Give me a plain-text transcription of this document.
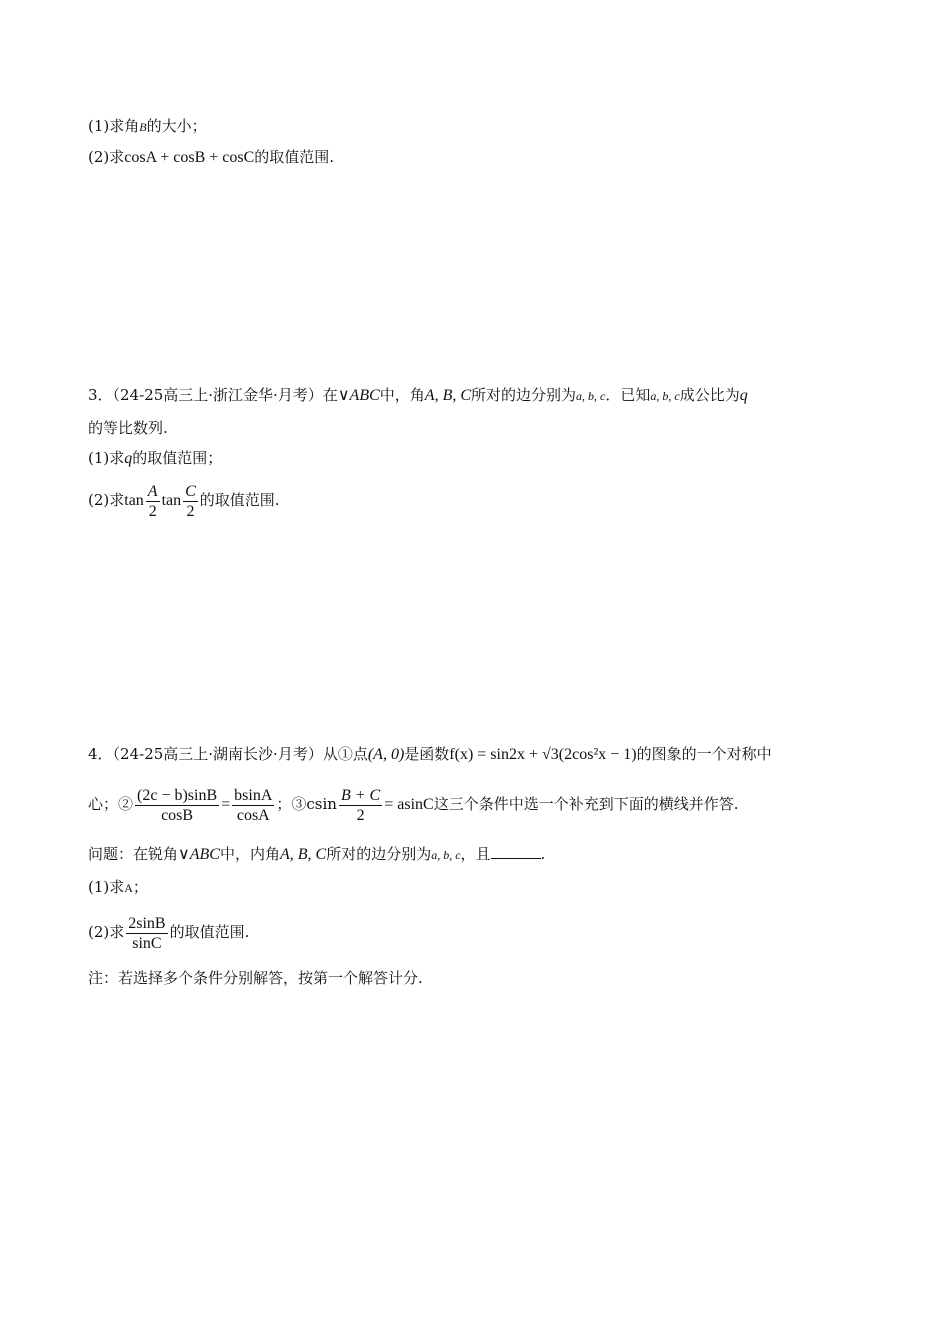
(1)求角B的大小；
(2)求cosA + cosB + cosC的取值范围.
3．（24-25高三上·浙江金华·月考）在∨ABC中，角A, B, C所对的边分别为a, b, c．已知a, b, c成公比为q
的等比数列.
(1)求q的取值范围；
(2)求$\tan \frac{A}{2}$ $\tan \frac{C}{2}$ 的取值范围.
4．（24-25高三上·湖南长沙·月考）从①点(A, 0)是函数f(x) = sin2x + √3(2cos²x − 1)的图象的一个对称中
心；② $\frac{(2c - b)\sin B}{\cos B} = \frac{bsinA}{\cos A}$ ；③csin $\frac{B + C}{2} = asinC$这三个条件中选一个补充到下面的横线并作答.
问题：在锐角∨ABC中，内角A, B, C所对的边分别为a, b, c，且	.
(1)求A；
(2)求 $\frac{2\sin B}{\sin C}$ 的取值范围.
注：若选择多个条件分别解答，按第一个解答计分.
